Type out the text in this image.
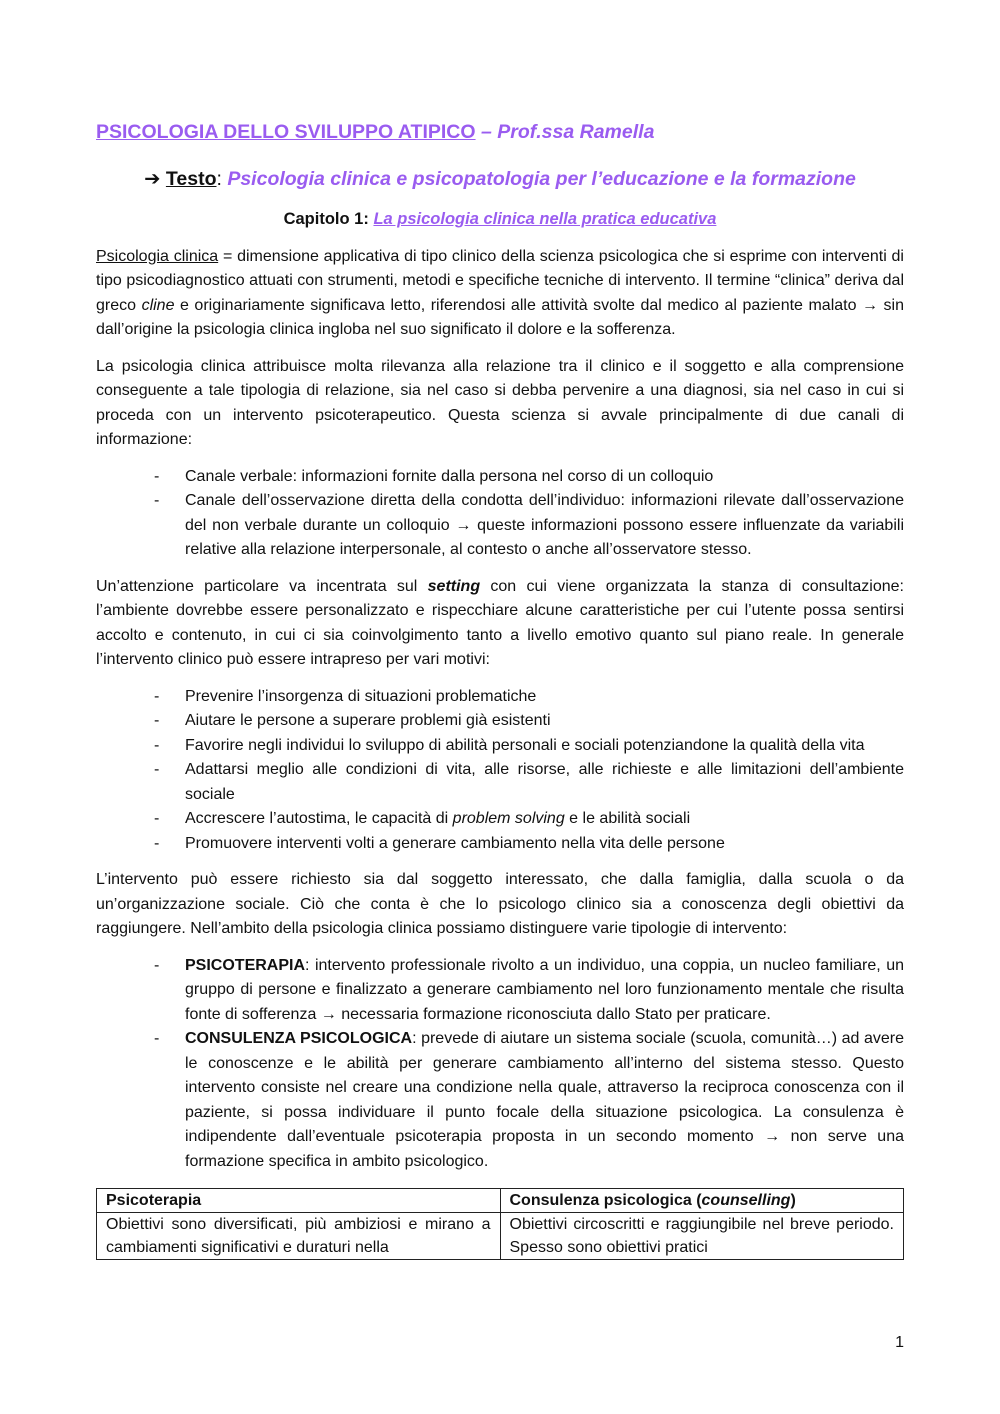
PSICOLOGIA DELLO SVILUPPO ATIPICO – Prof.ssa Ramella
➔ Testo: Psicologia clinica e psicopatologia per l’educazione e la formazione
Capitolo 1: La psicologia clinica nella pratica educativa

Psicologia clinica = dimensione applicativa di tipo clinico della scienza psicologica che si esprime con interventi di tipo psicodiagnostico attuati con strumenti, metodi e specifiche tecniche di intervento. Il termine “clinica” deriva dal greco cline e originariamente significava letto, riferendosi alle attività svolte dal medico al paziente malato → sin dall’origine la psicologia clinica ingloba nel suo significato il dolore e la sofferenza.

La psicologia clinica attribuisce molta rilevanza alla relazione tra il clinico e il soggetto e alla comprensione conseguente a tale tipologia di relazione, sia nel caso si debba pervenire a una diagnosi, sia nel caso in cui si proceda con un intervento psicoterapeutico. Questa scienza si avvale principalmente di due canali di informazione:

- Canale verbale: informazioni fornite dalla persona nel corso di un colloquio
- Canale dell’osservazione diretta della condotta dell’individuo: informazioni rilevate dall’osservazione del non verbale durante un colloquio → queste informazioni possono essere influenzate da variabili relative alla relazione interpersonale, al contesto o anche all’osservatore stesso.

Un’attenzione particolare va incentrata sul setting con cui viene organizzata la stanza di consultazione: l’ambiente dovrebbe essere personalizzato e rispecchiare alcune caratteristiche per cui l’utente possa sentirsi accolto e contenuto, in cui ci sia coinvolgimento tanto a livello emotivo quanto sul piano reale. In generale l’intervento clinico può essere intrapreso per vari motivi:

- Prevenire l’insorgenza di situazioni problematiche
- Aiutare le persone a superare problemi già esistenti
- Favorire negli individui lo sviluppo di abilità personali e sociali potenziandone la qualità della vita
- Adattarsi meglio alle condizioni di vita, alle risorse, alle richieste e alle limitazioni dell’ambiente sociale
- Accrescere l’autostima, le capacità di problem solving e le abilità sociali
- Promuovere interventi volti a generare cambiamento nella vita delle persone

L’intervento può essere richiesto sia dal soggetto interessato, che dalla famiglia, dalla scuola o da un’organizzazione sociale. Ciò che conta è che lo psicologo clinico sia a conoscenza degli obiettivi da raggiungere. Nell’ambito della psicologia clinica possiamo distinguere varie tipologie di intervento:

- PSICOTERAPIA: intervento professionale rivolto a un individuo, una coppia, un nucleo familiare, un gruppo di persone e finalizzato a generare cambiamento nel loro funzionamento mentale che risulta fonte di sofferenza → necessaria formazione riconosciuta dallo Stato per praticare.
- CONSULENZA PSICOLOGICA: prevede di aiutare un sistema sociale (scuola, comunità…) ad avere le conoscenze e le abilità per generare cambiamento all’interno del sistema stesso. Questo intervento consiste nel creare una condizione nella quale, attraverso la reciproca conoscenza con il paziente, si possa individuare il punto focale della situazione psicologica. La consulenza è indipendente dall’eventuale psicoterapia proposta in un secondo momento → non serve una formazione specifica in ambito psicologico.
Psicoterapia	Consulenza psicologica (counselling)
Obiettivi sono diversificati, più ambiziosi e mirano a cambiamenti significativi e duraturi nella	Obiettivi circoscritti e raggiungibile nel breve periodo. Spesso sono obiettivi pratici
1
